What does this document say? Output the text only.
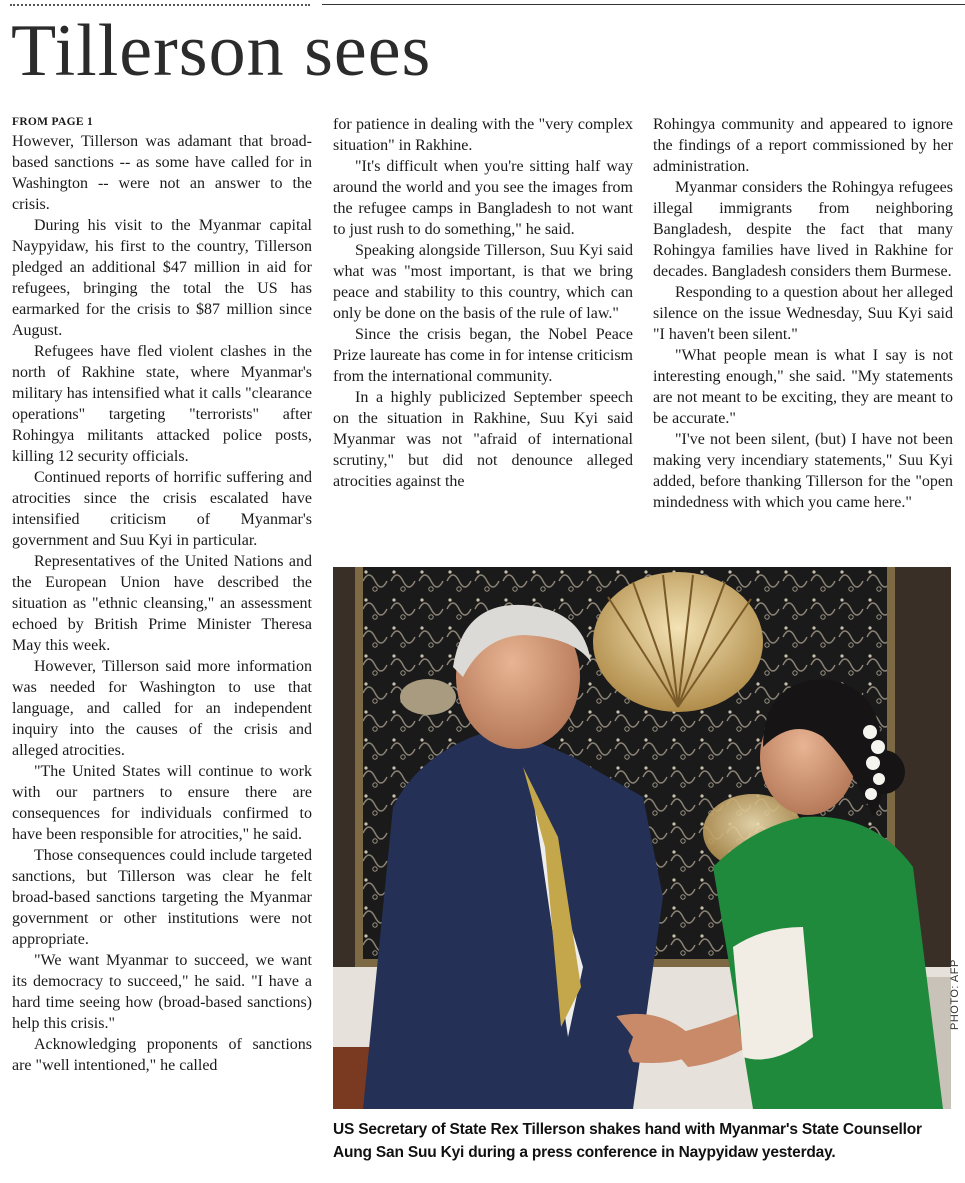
Tillerson sees
FROM PAGE 1

However, Tillerson was adamant that broad-based sanctions -- as some have called for in Washington -- were not an answer to the crisis.

During his visit to the Myanmar capital Naypyidaw, his first to the country, Tillerson pledged an additional $47 million in aid for refugees, bringing the total the US has earmarked for the crisis to $87 million since August.

Refugees have fled violent clashes in the north of Rakhine state, where Myanmar's military has intensified what it calls "clearance operations" targeting "terrorists" after Rohingya militants attacked police posts, killing 12 security officials.

Continued reports of horrific suffering and atrocities since the crisis escalated have intensified criticism of Myanmar's government and Suu Kyi in particular.

Representatives of the United Nations and the European Union have described the situation as "ethnic cleansing," an assessment echoed by British Prime Minister Theresa May this week.

However, Tillerson said more information was needed for Washington to use that language, and called for an independent inquiry into the causes of the crisis and alleged atrocities.

"The United States will continue to work with our partners to ensure there are consequences for individuals confirmed to have been responsible for atrocities," he said.

Those consequences could include targeted sanctions, but Tillerson was clear he felt broad-based sanctions targeting the Myanmar government or other institutions were not appropriate.

"We want Myanmar to succeed, we want its democracy to succeed," he said. "I have a hard time seeing how (broad-based sanctions) help this crisis."

Acknowledging proponents of sanctions are "well intentioned," he called

for patience in dealing with the "very complex situation" in Rakhine.

"It's difficult when you're sitting half way around the world and you see the images from the refugee camps in Bangladesh to not want to just rush to do something," he said.

Speaking alongside Tillerson, Suu Kyi said what was "most important, is that we bring peace and stability to this country, which can only be done on the basis of the rule of law."

Since the crisis began, the Nobel Peace Prize laureate has come in for intense criticism from the international community.

In a highly publicized September speech on the situation in Rakhine, Suu Kyi said Myanmar was not "afraid of international scrutiny," but did not denounce alleged atrocities against the

Rohingya community and appeared to ignore the findings of a report commissioned by her administration.

Myanmar considers the Rohingya refugees illegal immigrants from neighboring Bangladesh, despite the fact that many Rohingya families have lived in Rakhine for decades. Bangladesh considers them Burmese.

Responding to a question about her alleged silence on the issue Wednesday, Suu Kyi said "I haven't been silent."

"What people mean is what I say is not interesting enough," she said. "My statements are not meant to be exciting, they are meant to be accurate."

"I've not been silent, (but) I have not been making very incendiary statements," Suu Kyi added, before thanking Tillerson for the "open mindedness with which you came here."

PHOTO: AFP
US Secretary of State Rex Tillerson shakes hand with Myanmar's State Counsellor Aung San Suu Kyi during a press conference in Naypyidaw yesterday.
